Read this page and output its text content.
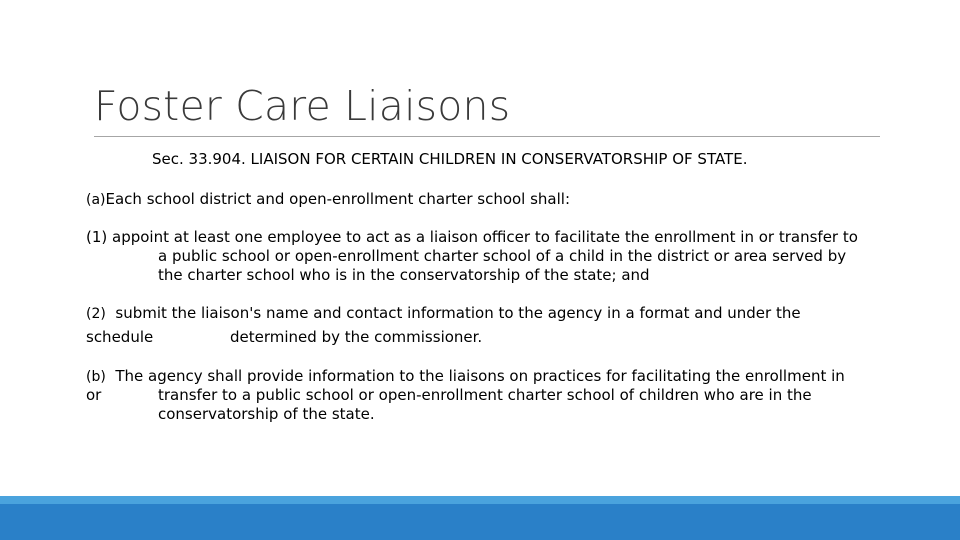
Foster Care Liaisons
Sec. 33.904. LIAISON FOR CERTAIN CHILDREN IN CONSERVATORSHIP OF STATE.
(a)Each school district and open-enrollment charter school shall:
(1) appoint at least one employee to act as a liaison officer to facilitate the enrollment in or transfer to
a public school or open-enrollment charter school of a child in the district or area served by
the charter school who is in the conservatorship of the state; and
(2) submit the liaison's name and contact information to the agency in a format and under the
schedule	determined by the commissioner.
(b) The agency shall provide information to the liaisons on practices for facilitating the enrollment in
or	transfer to a public school or open-enrollment charter school of children who are in the
conservatorship of the state.
